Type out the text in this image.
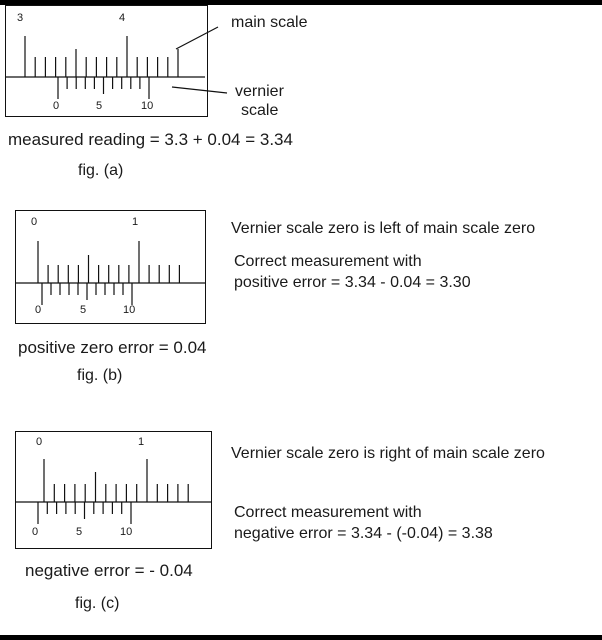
3	4
0	5	10
main scale
vernier
scale
measured reading = 3.3 + 0.04 = 3.34
fig. (a)
0	1
0	5	10
Vernier scale zero is left of main scale zero
Correct measurement with
positive error = 3.34 - 0.04 = 3.30
positive zero error = 0.04
fig. (b)
0	1
0	5	10
Vernier scale zero is right of main scale zero
Correct measurement with
negative error = 3.34 - (-0.04) = 3.38
negative error = - 0.04
fig. (c)
